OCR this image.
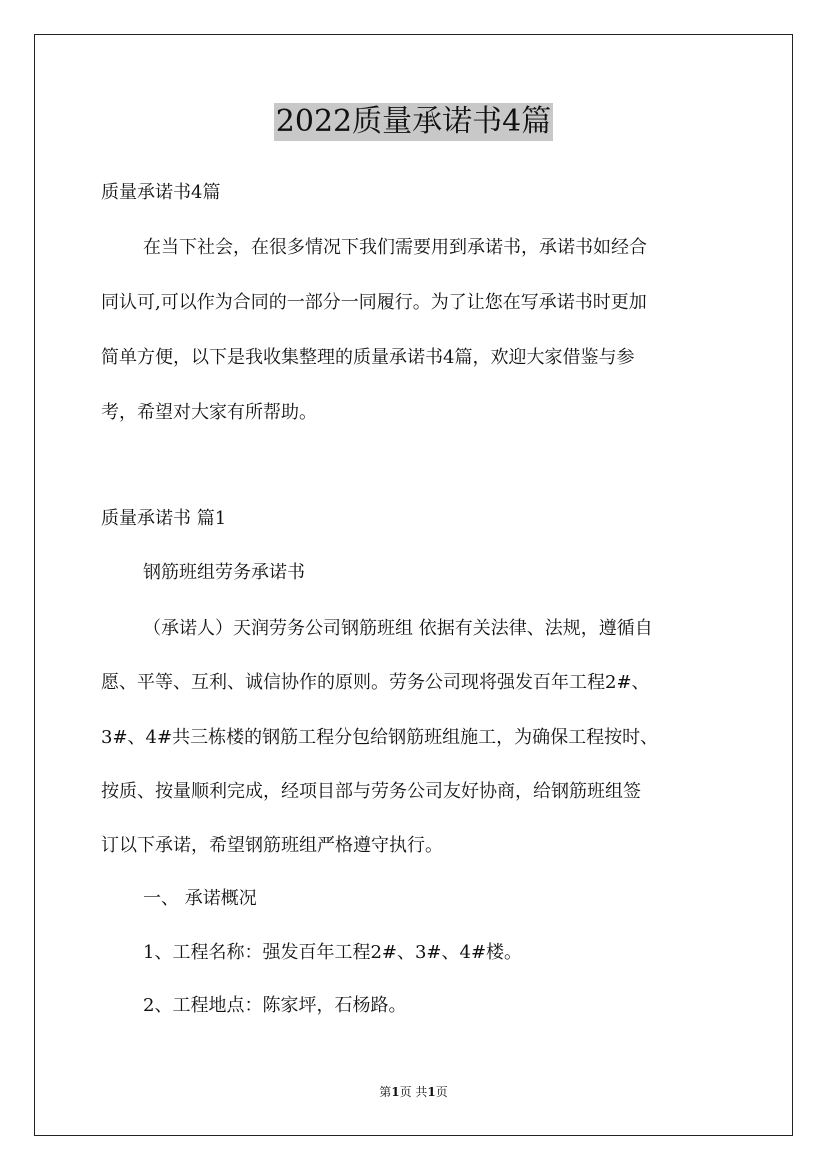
2022质量承诺书4篇
质量承诺书4篇
在当下社会，在很多情况下我们需要用到承诺书，承诺书如经合
同认可,可以作为合同的一部分一同履行。为了让您在写承诺书时更加
简单方便，以下是我收集整理的质量承诺书4篇，欢迎大家借鉴与参
考，希望对大家有所帮助。
质量承诺书 篇1
钢筋班组劳务承诺书
（承诺人）天润劳务公司钢筋班组 依据有关法律、法规，遵循自
愿、平等、互利、诚信协作的原则。劳务公司现将强发百年工程2#、
3#、4#共三栋楼的钢筋工程分包给钢筋班组施工，为确保工程按时、
按质、按量顺利完成，经项目部与劳务公司友好协商，给钢筋班组签
订以下承诺，希望钢筋班组严格遵守执行。
一、 承诺概况
1、工程名称：强发百年工程2#、3#、4#楼。
2、工程地点：陈家坪，石杨路。
第1页 共1页
